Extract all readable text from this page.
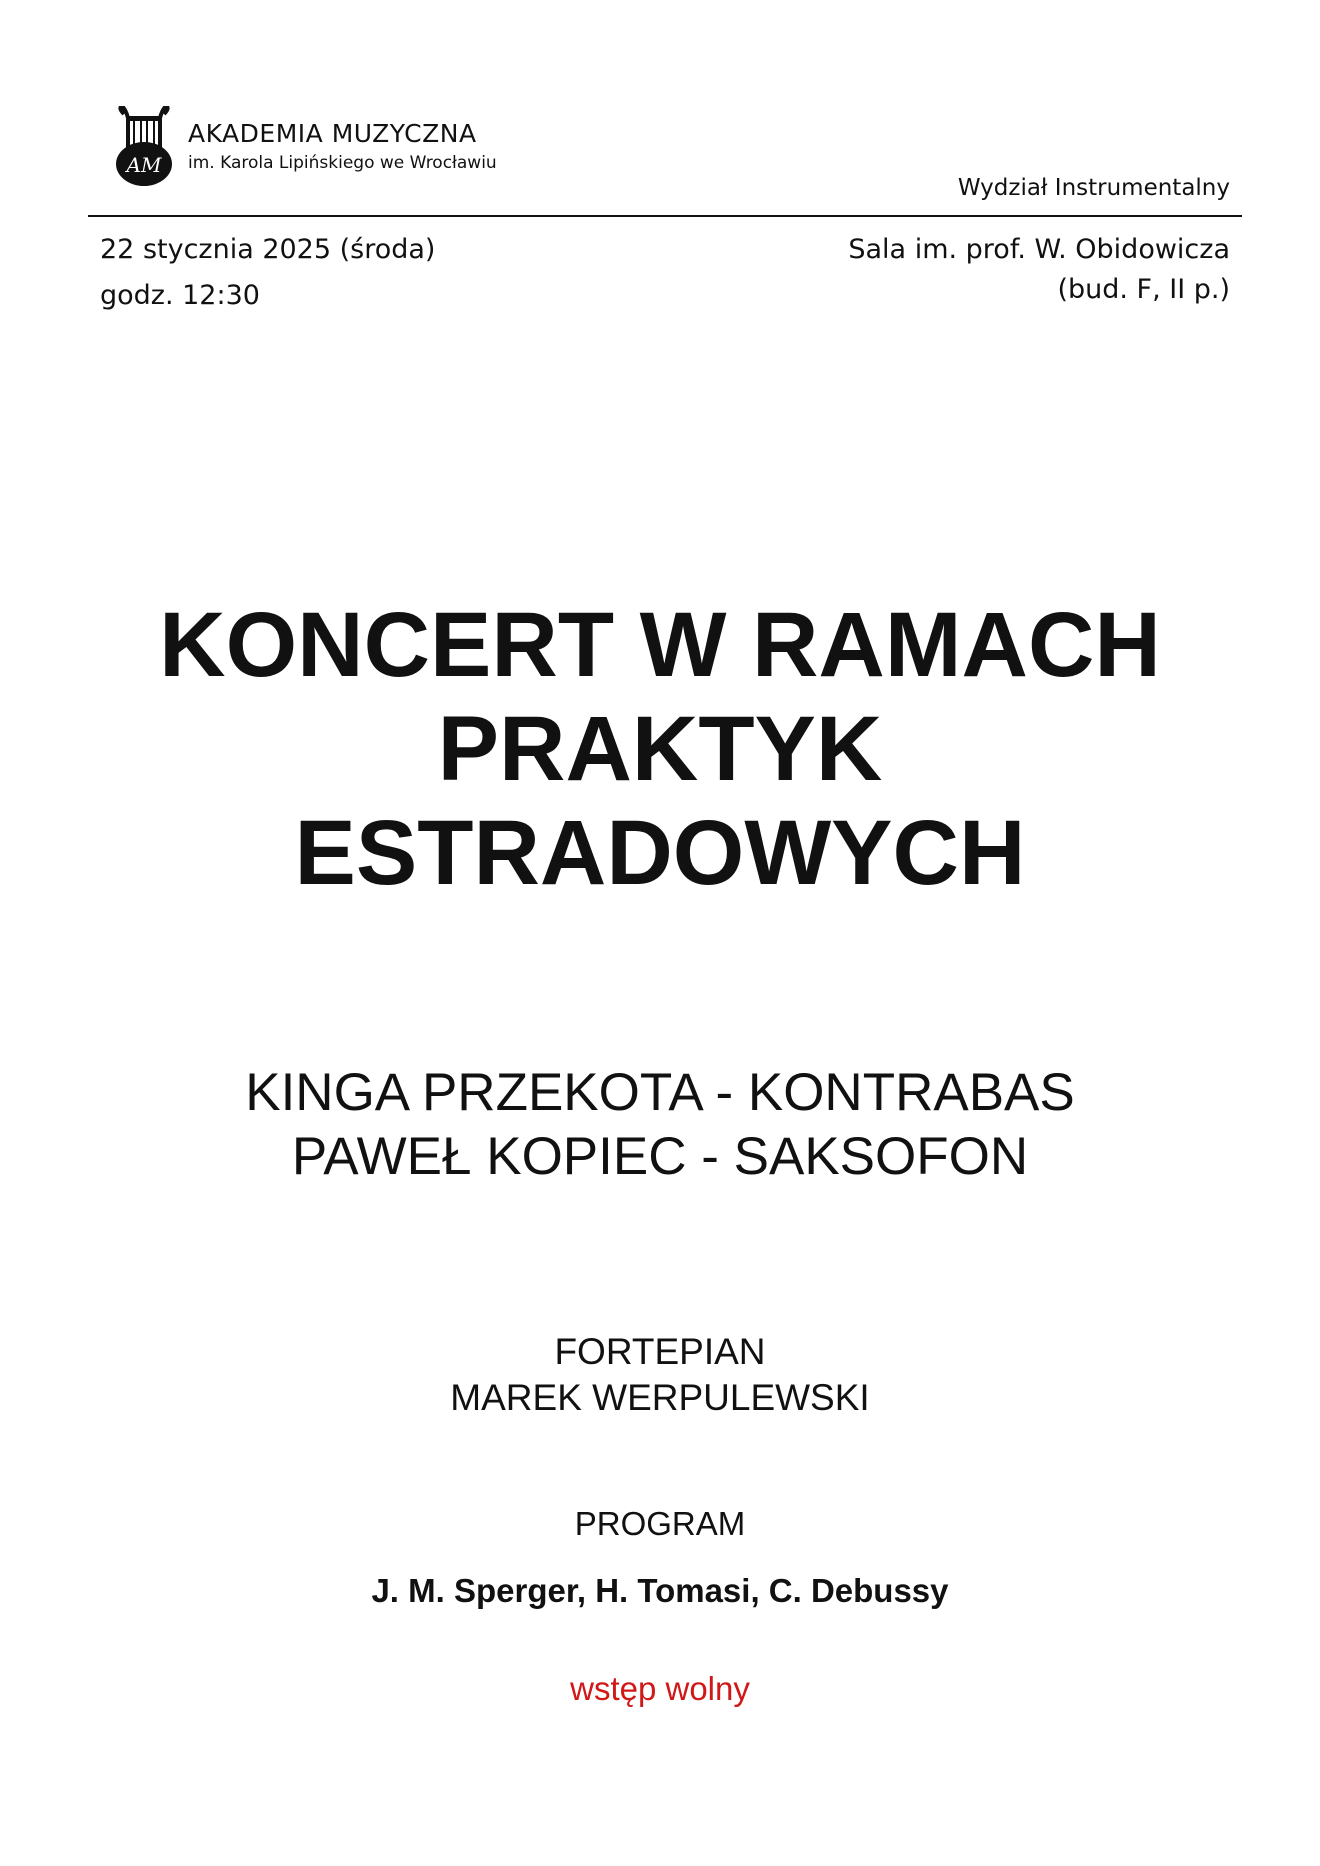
AM
AKADEMIA MUZYCZNA
im. Karola Lipińskiego we Wrocławiu
Wydział Instrumentalny
22 stycznia 2025 (środa)
godz. 12:30
Sala im. prof. W. Obidowicza
(bud. F, II p.)
KONCERT W RAMACH
PRAKTYK
ESTRADOWYCH
KINGA PRZEKOTA - KONTRABAS
PAWEŁ KOPIEC - SAKSOFON
FORTEPIAN
MAREK WERPULEWSKI
PROGRAM
J. M. Sperger, H. Tomasi, C. Debussy
wstęp wolny
